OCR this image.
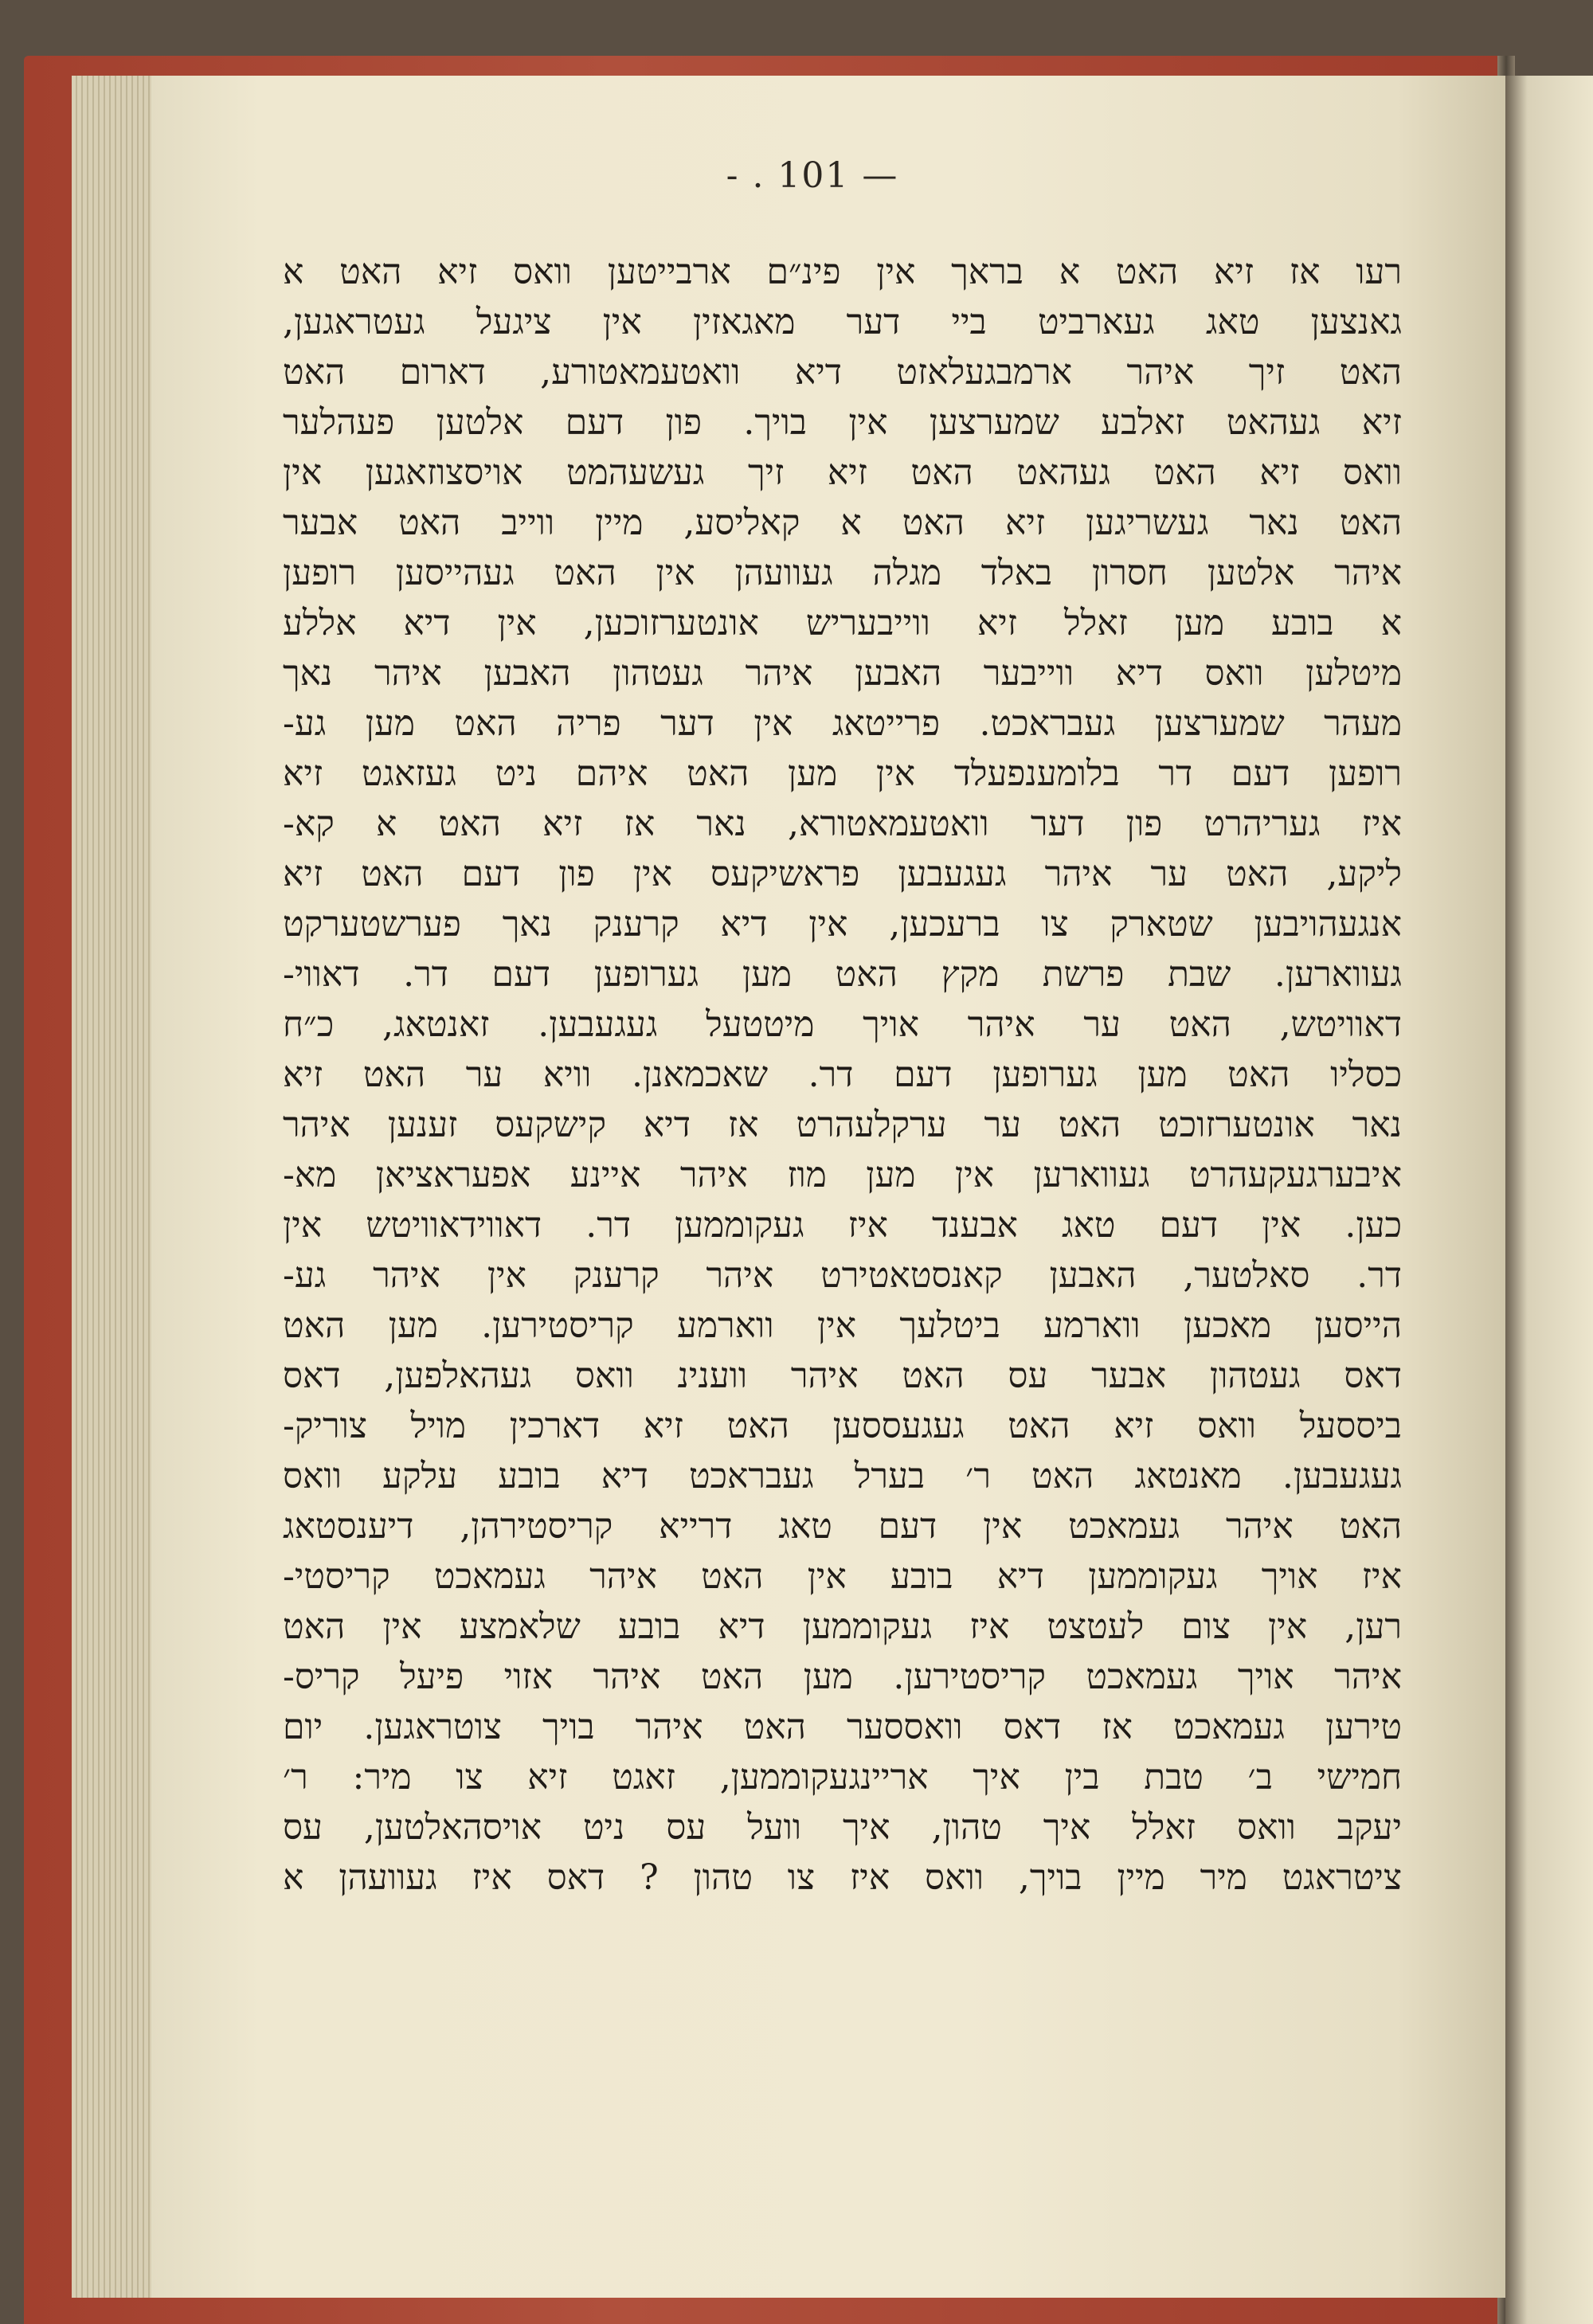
- . 101 —
רעו אז זיא האט א בראך אין פינ״ם ארבייטען וואס זיא האט א
גאנצען טאג געארביט ביי דער מאגאזין אין ציגעל געטראגען,
האט זיך איהר ארמבגעלאזט דיא וואטעמאטורע, דארום האט
זיא געהאט זאלבע שמערצען אין בויך. פון דעם אלטען פעהלער
וואס זיא האט געהאט האט זיא זיך געשעהמט אויסצוזאגען אין
האט נאר געשריגען זיא האט א קאליסע, מיין ווייב האט אבער
איהר אלטען חסרון באלד מגלה געוועהן אין האט געהייסען רופען
א בובע מען זאלל זיא ווייבעריש אונטערזוכען, אין דיא אללע
מיטלען וואס דיא ווייבער האבען איהר געטהון האבען איהר נאך
מעהר שמערצען געבראכט. פרייטאג אין דער פריה האט מען גע-
רופען דעם דר בלומענפעלד אין מען האט איהם ניט געזאגט זיא
איז געריהרט פון דער וואטעמאטורא, נאר אז זיא האט א קא-
ליקע, האט ער איהר געגעבען פראשיקעס אין פון דעם האט זיא
אנגעהויבען שטארק צו ברעכען, אין דיא קרענק נאך פערשטערקט
געווארען. שבת פרשת מקץ האט מען גערופען דעם דר. דאווי-
דאוויטש, האט ער איהר אויך מיטטעל געגעבען. זאנטאג, כ״ח
כסליו האט מען גערופען דעם דר. שאכמאנן. וויא ער האט זיא
נאר אונטערזוכט האט ער ערקלעהרט אז דיא קישקעס זענען איהר
איבערגעקעהרט געווארען אין מען מוז איהר איינע אפעראציאן מא-
כען. אין דעם טאג אבענד איז געקוממען דר. דאווידאוויטש אין
דר. סאלטער, האבען קאנסטאטירט איהר קרענק אין איהר גע-
הייסען מאכען ווארמע ביטלעך אין ווארמע קריסטירען. מען האט
דאס געטהון אבער עס האט איהר ווענינ וואס געהאלפען, דאס
ביססעל וואס זיא האט געגעססען האט זיא דארכין מויל צוריק-
געגעבען. מאנטאג האט ר׳ בערל געבראכט דיא בובע עלקע וואס
האט איהר געמאכט אין דעם טאג דרייא קריסטירהן, דיענסטאג
איז אויך געקוממען דיא בובע אין האט איהר געמאכט קריסטי-
רען, אין צום לעטצט איז געקוממען דיא בובע שלאמצע אין האט
איהר אויך געמאכט קריסטירען. מען האט איהר אזוי פיעל קריס-
טירען געמאכט אז דאס וואססער האט איהר בויך צוטראגען. יום
חמישי ב׳ טבת בין איך אריינגעקוממען, זאגט זיא צו מיר: ר׳
יעקב וואס זאלל איך טהון, איך וועל עס ניט אויסהאלטען, עס
ציטראגט מיר מיין בויך, וואס איז צו טהון ? דאס איז געוועהן א
